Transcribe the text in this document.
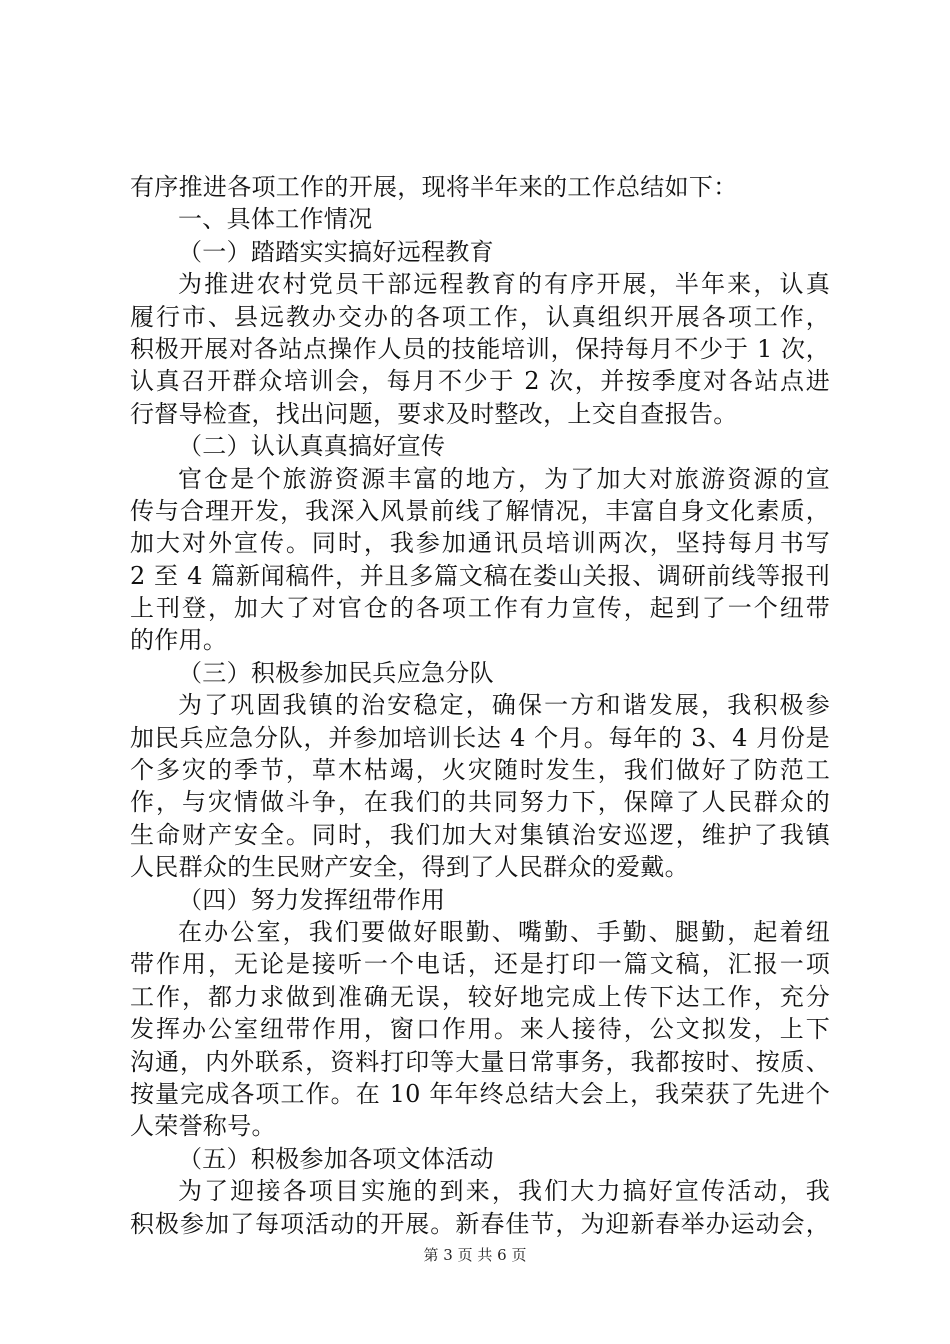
有序推进各项工作的开展，现将半年来的工作总结如下：
一、具体工作情况
（一）踏踏实实搞好远程教育
为推进农村党员干部远程教育的有序开展，半年来，认真
履行市、县远教办交办的各项工作，认真组织开展各项工作，
积极开展对各站点操作人员的技能培训，保持每月不少于 1 次，
认真召开群众培训会，每月不少于 2 次，并按季度对各站点进
行督导检查，找出问题，要求及时整改，上交自查报告。
（二）认认真真搞好宣传
官仓是个旅游资源丰富的地方，为了加大对旅游资源的宣
传与合理开发，我深入风景前线了解情况，丰富自身文化素质，
加大对外宣传。同时，我参加通讯员培训两次，坚持每月书写
2 至 4 篇新闻稿件，并且多篇文稿在娄山关报、调研前线等报刊
上刊登，加大了对官仓的各项工作有力宣传，起到了一个纽带
的作用。
（三）积极参加民兵应急分队
为了巩固我镇的治安稳定，确保一方和谐发展，我积极参
加民兵应急分队，并参加培训长达 4 个月。每年的 3、4 月份是
个多灾的季节，草木枯竭，火灾随时发生，我们做好了防范工
作，与灾情做斗争，在我们的共同努力下，保障了人民群众的
生命财产安全。同时，我们加大对集镇治安巡逻，维护了我镇
人民群众的生民财产安全，得到了人民群众的爱戴。
（四）努力发挥纽带作用
在办公室，我们要做好眼勤、嘴勤、手勤、腿勤，起着纽
带作用，无论是接听一个电话，还是打印一篇文稿，汇报一项
工作，都力求做到准确无误，较好地完成上传下达工作，充分
发挥办公室纽带作用，窗口作用。来人接待，公文拟发，上下
沟通，内外联系，资料打印等大量日常事务，我都按时、按质、
按量完成各项工作。在 10 年年终总结大会上，我荣获了先进个
人荣誉称号。
（五）积极参加各项文体活动
为了迎接各项目实施的到来，我们大力搞好宣传活动，我
积极参加了每项活动的开展。新春佳节，为迎新春举办运动会，
第 3 页 共 6 页
